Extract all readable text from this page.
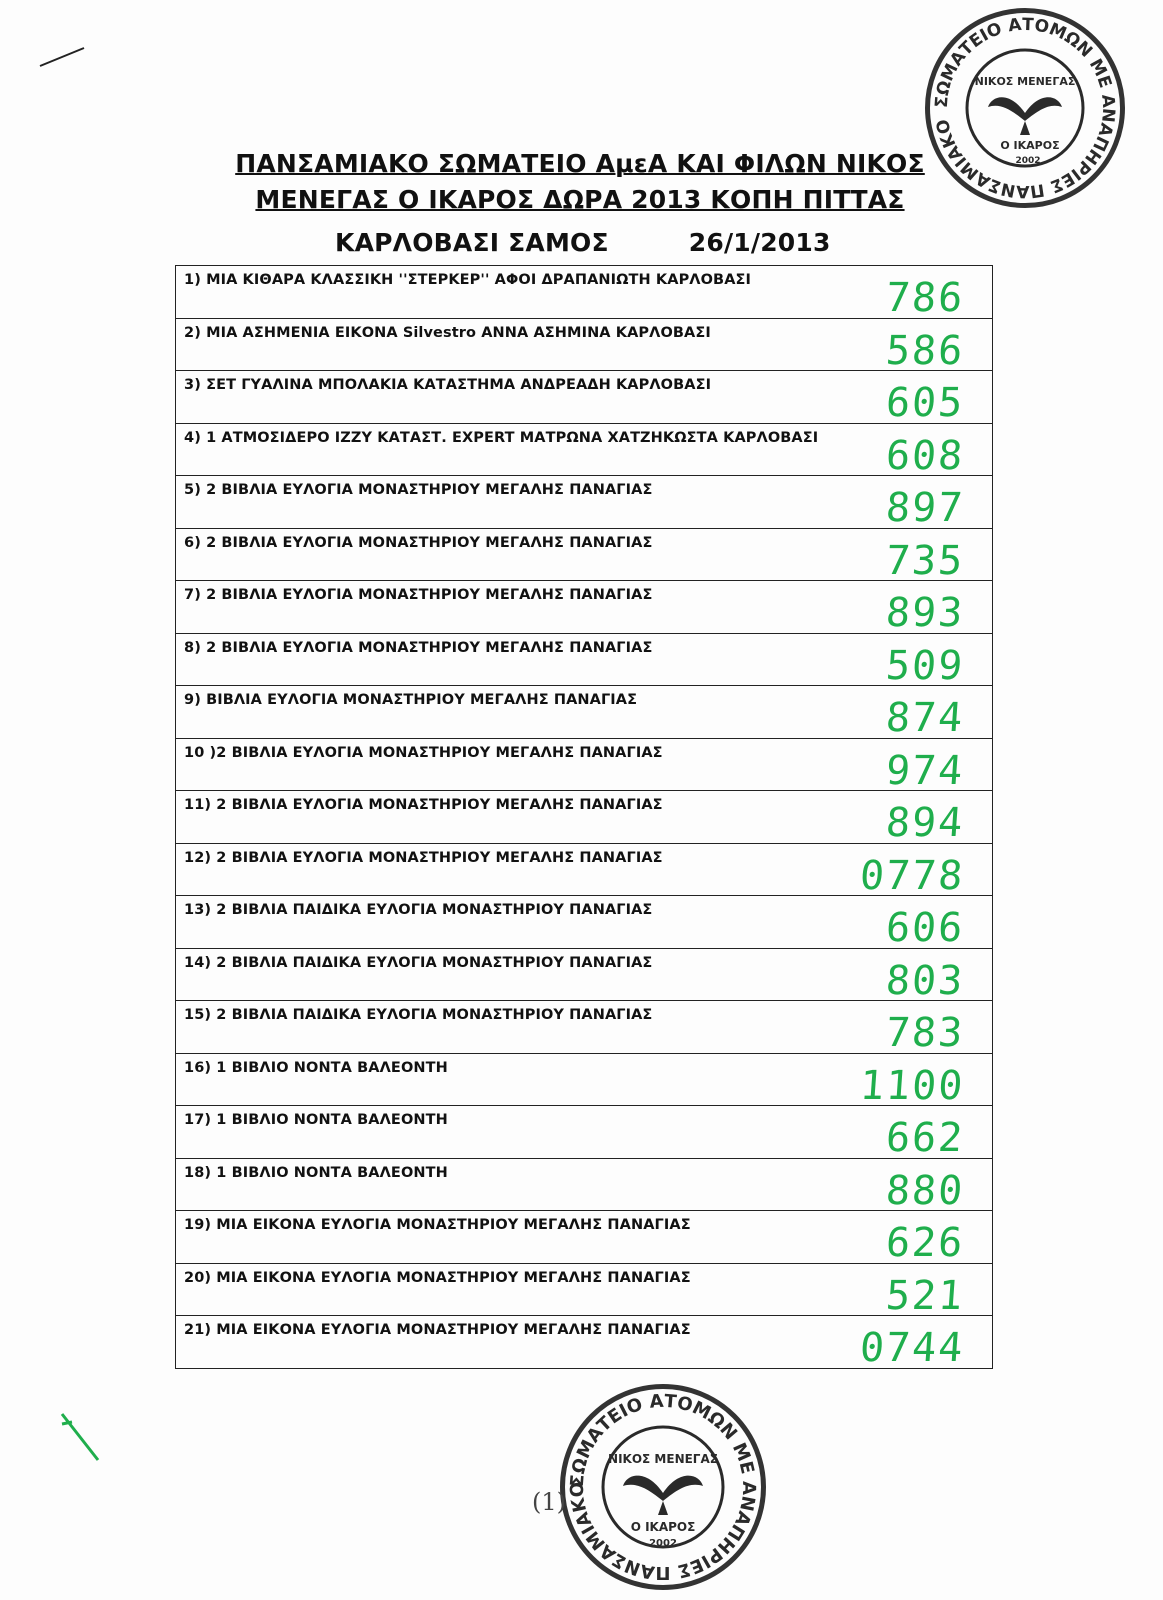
ΠΑΝΣΑΜΙΑΚΟ ΣΩΜΑΤΕΙΟ ΑμεΑ ΚΑΙ ΦΙΛΩΝ ΝΙΚΟΣ
ΜΕΝΕΓΑΣ Ο ΙΚΑΡΟΣ ΔΩΡΑ 2013 ΚΟΠΗ ΠΙΤΤΑΣ
ΚΑΡΛΟΒΑΣΙ ΣΑΜΟΣ	26/1/2013
1) ΜΙΑ ΚΙΘΑΡΑ ΚΛΑΣΣΙΚΗ ''ΣΤΕΡΚΕΡ'' ΑΦΟΙ ΔΡΑΠΑΝΙΩΤΗ ΚΑΡΛΟΒΑΣΙ	786

2) ΜΙΑ ΑΣΗΜΕΝΙΑ ΕΙΚΟΝΑ Silvestro ΑΝΝΑ ΑΣΗΜΙΝΑ ΚΑΡΛΟΒΑΣΙ	586

3) ΣΕΤ ΓΥΑΛΙΝΑ ΜΠΟΛΑΚΙΑ ΚΑΤΑΣΤΗΜΑ ΑΝΔΡΕΑΔΗ ΚΑΡΛΟΒΑΣΙ	605

4) 1 ΑΤΜΟΣΙΔΕΡΟ IZZY ΚΑΤΑΣΤ. EXPERT ΜΑΤΡΩΝΑ ΧΑΤΖΗΚΩΣΤΑ ΚΑΡΛΟΒΑΣΙ 608

5) 2 ΒΙΒΛΙΑ ΕΥΛΟΓΙΑ ΜΟΝΑΣΤΗΡΙΟΥ ΜΕΓΑΛΗΣ ΠΑΝΑΓΙΑΣ	897

6) 2 ΒΙΒΛΙΑ ΕΥΛΟΓΙΑ ΜΟΝΑΣΤΗΡΙΟΥ ΜΕΓΑΛΗΣ ΠΑΝΑΓΙΑΣ	735

7) 2 ΒΙΒΛΙΑ ΕΥΛΟΓΙΑ ΜΟΝΑΣΤΗΡΙΟΥ ΜΕΓΑΛΗΣ ΠΑΝΑΓΙΑΣ	893

8) 2 ΒΙΒΛΙΑ ΕΥΛΟΓΙΑ ΜΟΝΑΣΤΗΡΙΟΥ ΜΕΓΑΛΗΣ ΠΑΝΑΓΙΑΣ	509

9) ΒΙΒΛΙΑ ΕΥΛΟΓΙΑ ΜΟΝΑΣΤΗΡΙΟΥ ΜΕΓΑΛΗΣ ΠΑΝΑΓΙΑΣ	874

10 )2 ΒΙΒΛΙΑ ΕΥΛΟΓΙΑ ΜΟΝΑΣΤΗΡΙΟΥ ΜΕΓΑΛΗΣ ΠΑΝΑΓΙΑΣ	974

11) 2 ΒΙΒΛΙΑ ΕΥΛΟΓΙΑ ΜΟΝΑΣΤΗΡΙΟΥ ΜΕΓΑΛΗΣ ΠΑΝΑΓΙΑΣ	894

12) 2 ΒΙΒΛΙΑ ΕΥΛΟΓΙΑ ΜΟΝΑΣΤΗΡΙΟΥ ΜΕΓΑΛΗΣ ΠΑΝΑΓΙΑΣ	0778

13) 2 ΒΙΒΛΙΑ ΠΑΙΔΙΚΑ ΕΥΛΟΓΙΑ ΜΟΝΑΣΤΗΡΙΟΥ ΠΑΝΑΓΙΑΣ	606

14) 2 ΒΙΒΛΙΑ ΠΑΙΔΙΚΑ ΕΥΛΟΓΙΑ ΜΟΝΑΣΤΗΡΙΟΥ ΠΑΝΑΓΙΑΣ	803

15) 2 ΒΙΒΛΙΑ ΠΑΙΔΙΚΑ ΕΥΛΟΓΙΑ ΜΟΝΑΣΤΗΡΙΟΥ ΠΑΝΑΓΙΑΣ	783

16) 1 ΒΙΒΛΙΟ ΝΟΝΤΑ ΒΑΛΕΟΝΤΗ	1100

17) 1 ΒΙΒΛΙΟ ΝΟΝΤΑ ΒΑΛΕΟΝΤΗ	662

18) 1 ΒΙΒΛΙΟ ΝΟΝΤΑ ΒΑΛΕΟΝΤΗ	880

19) ΜΙΑ ΕΙΚΟΝΑ ΕΥΛΟΓΙΑ ΜΟΝΑΣΤΗΡΙΟΥ ΜΕΓΑΛΗΣ ΠΑΝΑΓΙΑΣ	626

20) ΜΙΑ ΕΙΚΟΝΑ ΕΥΛΟΓΙΑ ΜΟΝΑΣΤΗΡΙΟΥ ΜΕΓΑΛΗΣ ΠΑΝΑΓΙΑΣ	521

21) ΜΙΑ ΕΙΚΟΝΑ ΕΥΛΟΓΙΑ ΜΟΝΑΣΤΗΡΙΟΥ ΜΕΓΑΛΗΣ ΠΑΝΑΓΙΑΣ	0744
ΣΩΜΑΤΕΙΟ ΑΤΟΜΩΝ ΜΕ ΑΝΑΠΗΡΙΕΣ ΠΑΝΣΑΜΙΑΚΟ
ΝΙΚΟΣ ΜΕΝΕΓΑΣ
Ο ΙΚΑΡΟΣ
2002
ΣΩΜΑΤΕΙΟ ΑΤΟΜΩΝ ΜΕ ΑΝΑΠΗΡΙΕΣ ΠΑΝΣΑΜΙΑΚΟ
ΝΙΚΟΣ ΜΕΝΕΓΑΣ
Ο ΙΚΑΡΟΣ
2002
(1)
